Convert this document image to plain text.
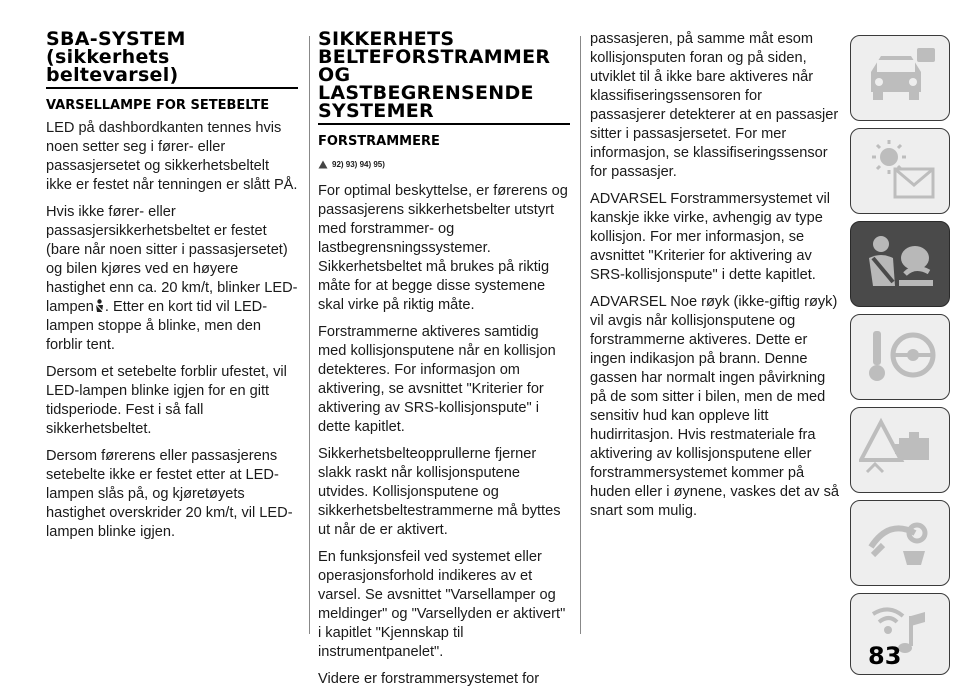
SBA-SYSTEM (sikkerhets beltevarsel)
VARSELLAMPE FOR SETEBELTE

LED på dashbordkanten tennes hvis noen setter seg i fører- eller passasjersetet og sikkerhetsbeltelt ikke er festet når tenningen er slått PÅ.

Hvis ikke fører- eller passasjersikkerhetsbeltet er festet (bare når noen sitter i passasjersetet) og bilen kjøres ved en høyere hastighet enn ca. 20 km/t, blinker LED-lampen . Etter en kort tid vil LED-lampen stoppe å blinke, men den forblir tent.

Dersom et setebelte forblir ufestet, vil LED-lampen blinke igjen for en gitt tidsperiode. Fest i så fall sikkerhetsbeltet.

Dersom førerens eller passasjerens setebelte ikke er festet etter at LED-lampen slås på, og kjøretøyets hastighet overskrider 20 km/t, vil LED-lampen blinke igjen.

SIKKERHETS BELTEFORSTRAMMER OG LASTBEGRENSENDE SYSTEMER
FORSTRAMMERE
92) 93) 94) 95)

For optimal beskyttelse, er førerens og passasjerens sikkerhetsbelter utstyrt med forstrammer- og lastbegrensningssystemer. Sikkerhetsbeltet må brukes på riktig måte for at begge disse systemene skal virke på riktig måte.

Forstrammerne aktiveres samtidig med kollisjonsputene når en kollisjon detekteres. For informasjon om aktivering, se avsnittet "Kriterier for aktivering av SRS-kollisjonspute" i dette kapitlet.

Sikkerhetsbelteopprullerne fjerner slakk raskt når kollisjonsputene utvides. Kollisjonsputene og sikkerhetsbeltestrammerne må byttes ut når de er aktivert.

En funksjonsfeil ved systemet eller operasjonsforhold indikeres av et varsel. Se avsnittet "Varsellamper og meldinger" og "Varsellyden er aktivert" i kapitlet "Kjennskap til instrumentpanelet".

Videre er forstrammersystemet for

passasjeren, på samme måt esom kollisjonsputen foran og på siden, utviklet til å ikke bare aktiveres når klassifiseringssensoren for passasjerer detekterer at en passasjer sitter i passasjersetet. For mer informasjon, se klassifiseringssensor for passasjer.

ADVARSEL Forstrammersystemet vil kanskje ikke virke, avhengig av type kollisjon. For mer informasjon, se avsnittet "Kriterier for aktivering av SRS-kollisjonspute" i dette kapitlet.

ADVARSEL Noe røyk (ikke-giftig røyk) vil avgis når kollisjonsputene og forstrammerne aktiveres. Dette er ingen indikasjon på brann. Denne gassen har normalt ingen påvirkning på de som sitter i bilen, men de med sensitiv hud kan oppleve litt hudirritasjon. Hvis restmateriale fra aktivering av kollisjonsputene eller forstrammersystemet kommer på huden eller i øynene, vaskes det av så snart som mulig.

83
